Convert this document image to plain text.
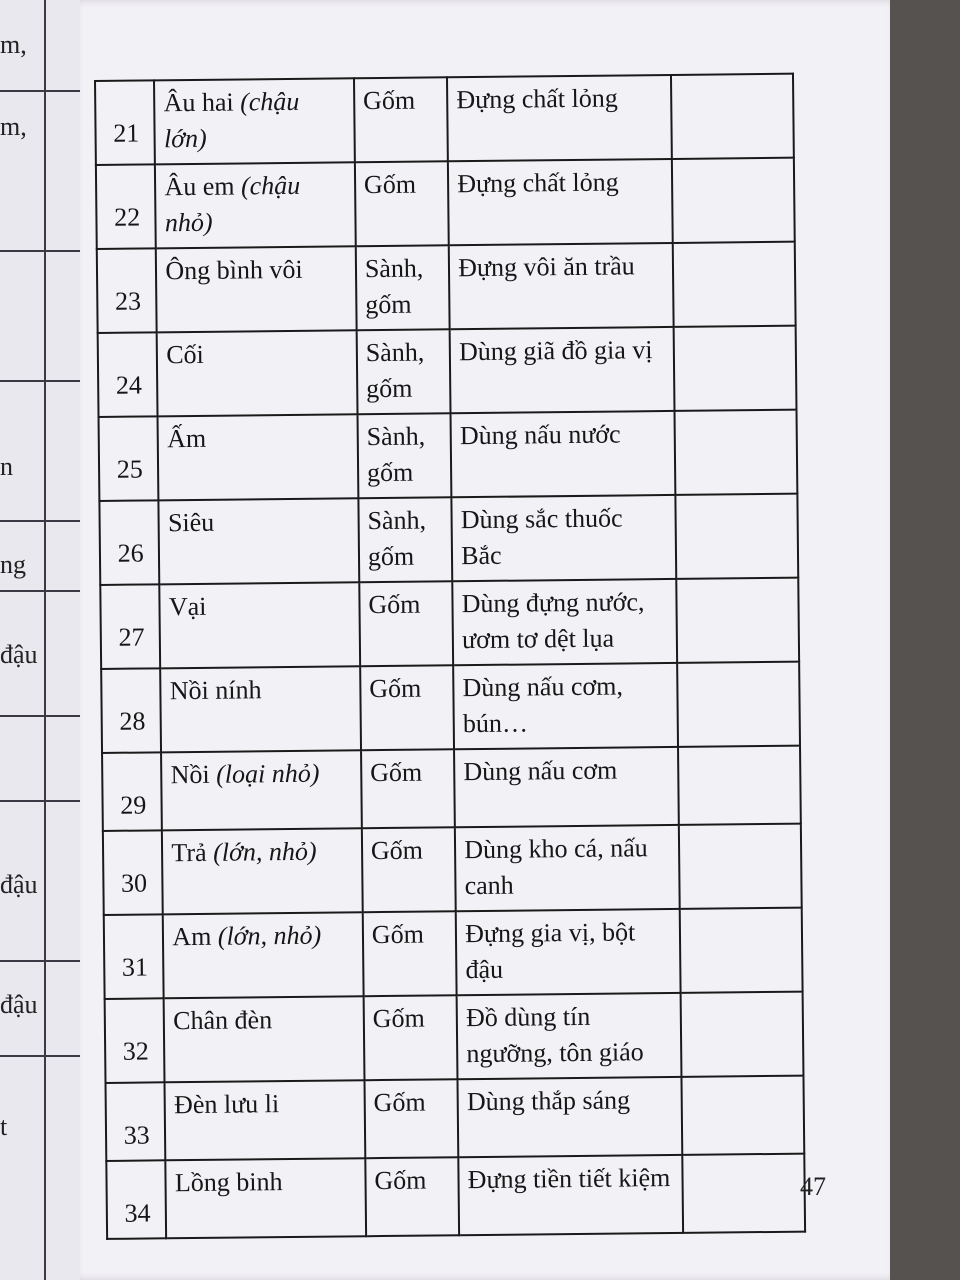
m,
m,
n
ng
đậu
đậu
đậu
t
21	Âu hai (chậu lớn)	Gốm	Đựng chất lỏng	
22	Âu em (chậu nhỏ)	Gốm	Đựng chất lỏng	
23	Ông bình vôi	Sành, gốm	Đựng vôi ăn trầu	
24	Cối	Sành, gốm	Dùng giã đồ gia vị	
25	Ấm	Sành, gốm	Dùng nấu nước	
26	Siêu	Sành, gốm	Dùng sắc thuốc Bắc	
27	Vại	Gốm	Dùng đựng nước, ươm tơ dệt lụa	
28	Nồi nính	Gốm	Dùng nấu cơm, bún…	
29	Nồi (loại nhỏ)	Gốm	Dùng nấu cơm	
30	Trả (lớn, nhỏ)	Gốm	Dùng kho cá, nấu canh	
31	Am (lớn, nhỏ)	Gốm	Đựng gia vị, bột đậu	
32	Chân đèn	Gốm	Đồ dùng tín ngưỡng, tôn giáo	
33	Đèn lưu li	Gốm	Dùng thắp sáng	
34	Lồng binh	Gốm	Đựng tiền tiết kiệm		47
